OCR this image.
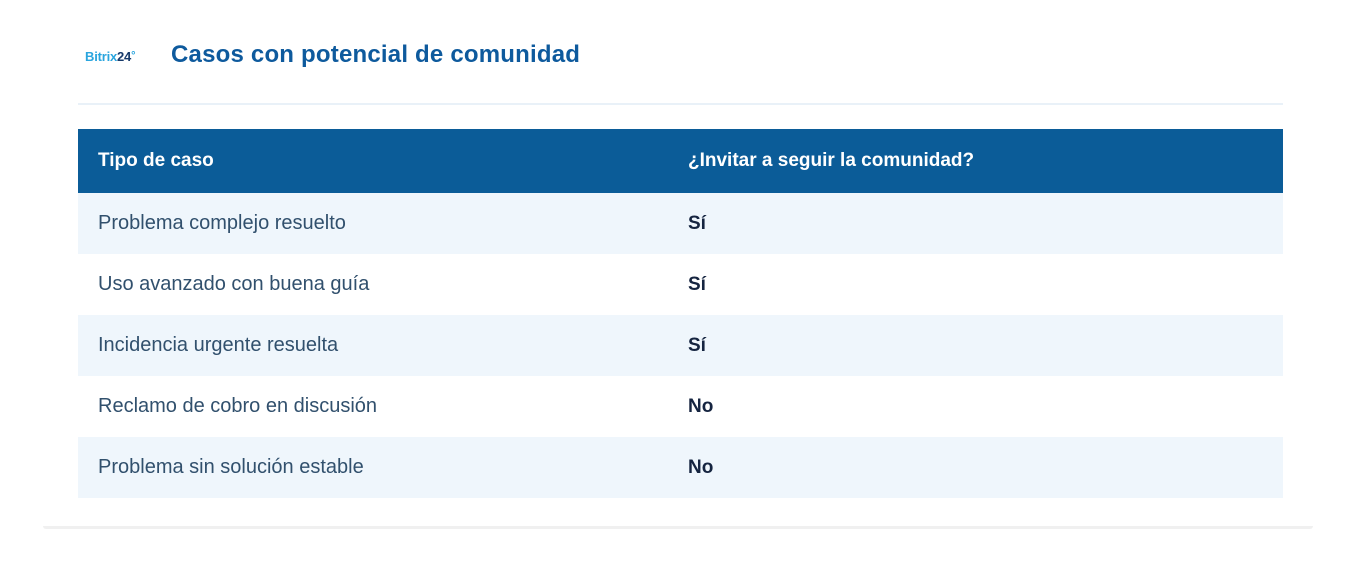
Bitrix24° Casos con potencial de comunidad
Tipo de caso	¿Invitar a seguir la comunidad?
Problema complejo resuelto	Sí
Uso avanzado con buena guía	Sí
Incidencia urgente resuelta	Sí
Reclamo de cobro en discusión	No
Problema sin solución estable	No
